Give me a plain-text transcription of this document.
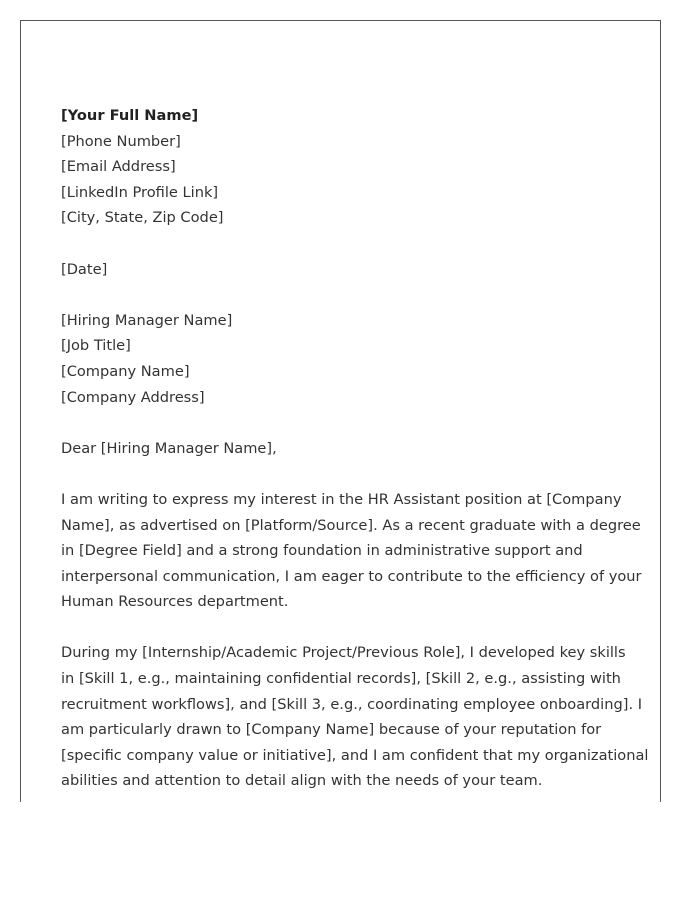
[Your Full Name]
[Phone Number]
[Email Address]
[LinkedIn Profile Link]
[City, State, Zip Code]
[Date]
[Hiring Manager Name]
[Job Title]
[Company Name]
[Company Address]
Dear [Hiring Manager Name],
I am writing to express my interest in the HR Assistant position at [Company
Name], as advertised on [Platform/Source]. As a recent graduate with a degree
in [Degree Field] and a strong foundation in administrative support and
interpersonal communication, I am eager to contribute to the efficiency of your
Human Resources department.
During my [Internship/Academic Project/Previous Role], I developed key skills
in [Skill 1, e.g., maintaining confidential records], [Skill 2, e.g., assisting with
recruitment workflows], and [Skill 3, e.g., coordinating employee onboarding]. I
am particularly drawn to [Company Name] because of your reputation for
[specific company value or initiative], and I am confident that my organizational
abilities and attention to detail align with the needs of your team.
